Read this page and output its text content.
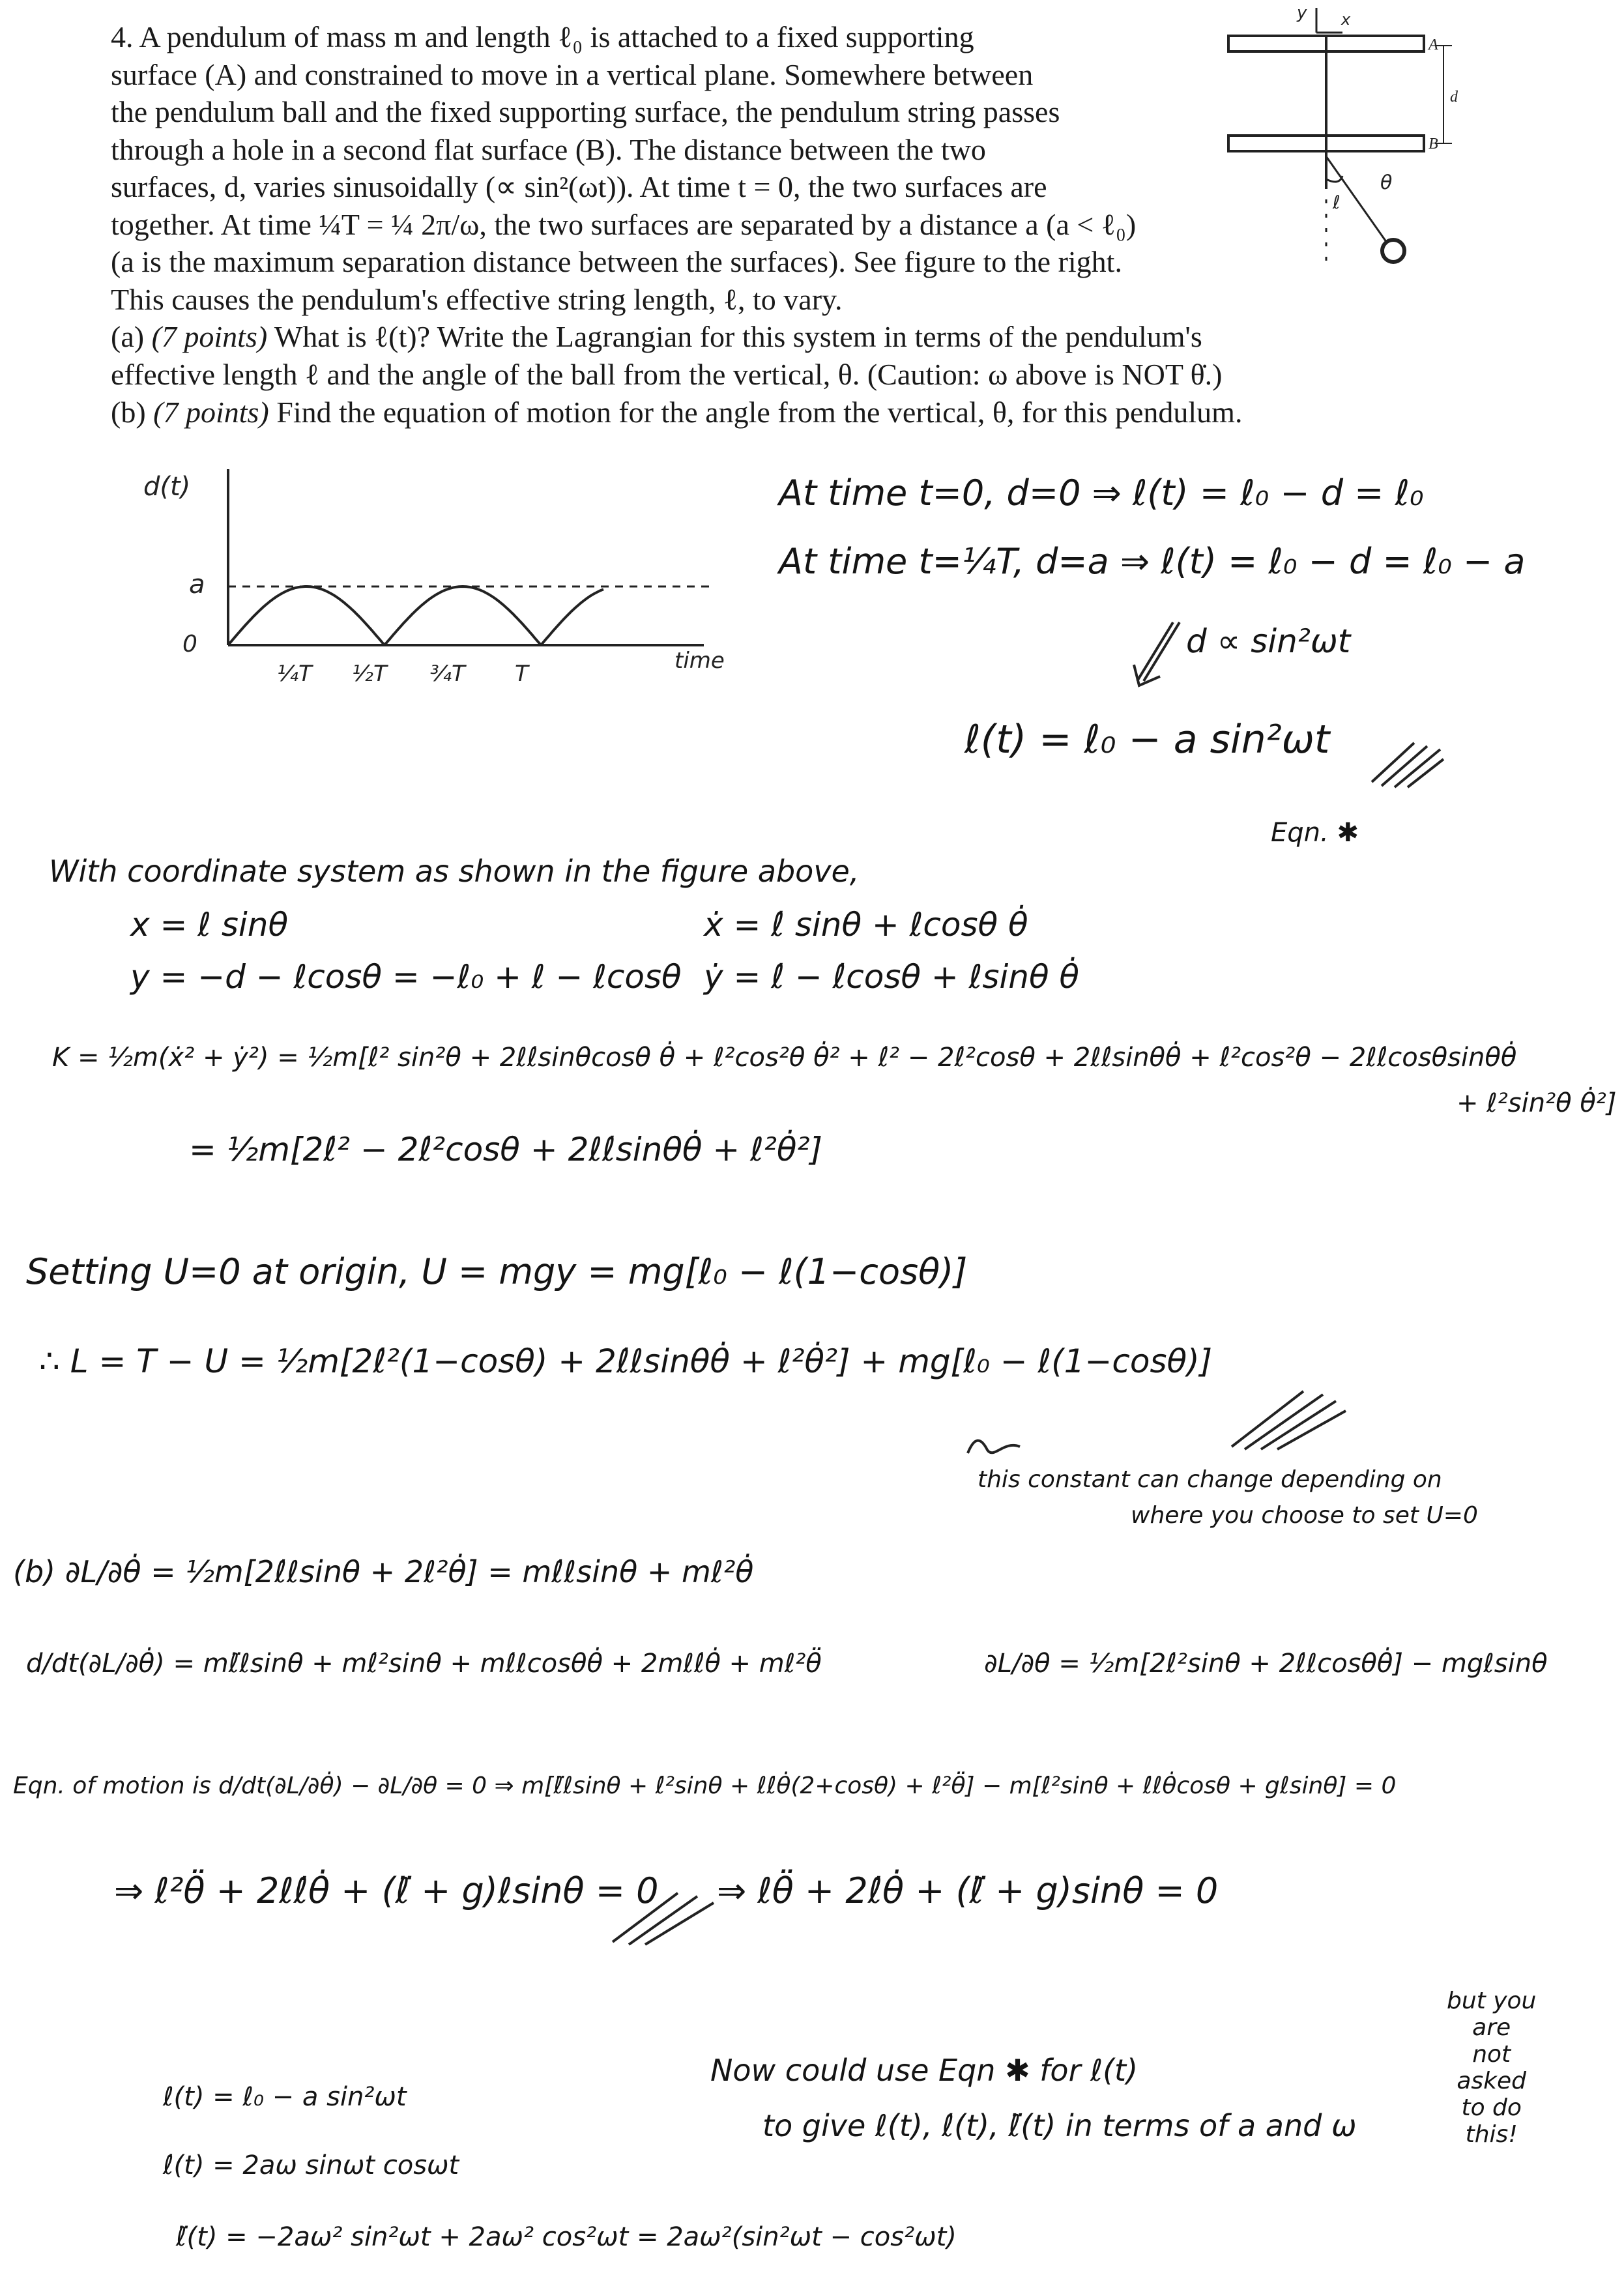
4. A pendulum of mass m and length ℓ₀ is attached to a fixed supporting

surface (A) and constrained to move in a vertical plane. Somewhere between

the pendulum ball and the fixed supporting surface, the pendulum string passes

through a hole in a second flat surface (B). The distance between the two

surfaces, d, varies sinusoidally (∝ sin²(ωt)). At time t = 0, the two surfaces are

together. At time ¼T = ¼ 2π/ω, the two surfaces are separated by a distance a (a < ℓ₀)

(a is the maximum separation distance between the surfaces). See figure to the right.

This causes the pendulum's effective string length, ℓ, to vary.

(a) (7 points) What is ℓ(t)? Write the Lagrangian for this system in terms of the pendulum's

effective length ℓ and the angle of the ball from the vertical, θ. (Caution: ω above is NOT θ̇.)

(b) (7 points) Find the equation of motion for the angle from the vertical, θ, for this pendulum.

y x
A
B
d
ℓ
θ
d(t)
a
0
¼T ½T ¾T T	time
At time t=0, d=0 ⇒ ℓ(t) = ℓ₀ − d = ℓ₀
At time t=¼T, d=a ⇒ ℓ(t) = ℓ₀ − d = ℓ₀ − a
d ∝ sin²ωt
ℓ(t) = ℓ₀ − a sin²ωt
Eqn. ✱
With coordinate system as shown in the figure above,
x = ℓ sinθ
y = −d − ℓcosθ = −ℓ₀ + ℓ − ℓcosθ
ẋ = ℓ̇ sinθ + ℓcosθ θ̇
ẏ = ℓ̇ − ℓ̇cosθ + ℓsinθ θ̇
K = ½m(ẋ² + ẏ²) = ½m[ℓ̇² sin²θ + 2ℓℓ̇sinθcosθ θ̇ + ℓ²cos²θ θ̇² + ℓ̇² − 2ℓ̇²cosθ + 2ℓℓ̇sinθθ̇ + ℓ̇²cos²θ − 2ℓℓ̇cosθsinθθ̇
+ ℓ²sin²θ θ̇²]
= ½m[2ℓ̇² − 2ℓ̇²cosθ + 2ℓℓ̇sinθθ̇ + ℓ²θ̇²]
Setting U=0 at origin, U = mgy = mg[ℓ₀ − ℓ(1−cosθ)]
∴ L = T − U = ½m[2ℓ̇²(1−cosθ) + 2ℓ̇ℓsinθθ̇ + ℓ²θ̇²] + mg[ℓ₀ − ℓ(1−cosθ)]
this constant can change depending on
where you choose to set U=0
(b) ∂L/∂θ̇ = ½m[2ℓ̇ℓsinθ + 2ℓ²θ̇] = mℓ̇ℓsinθ + mℓ²θ̇
d/dt(∂L/∂θ̇) = mℓ̈ℓsinθ + mℓ̇²sinθ + mℓ̇ℓcosθθ̇ + 2mℓℓ̇θ̇ + mℓ²θ̈	∂L/∂θ = ½m[2ℓ̇²sinθ + 2ℓ̇ℓcosθθ̇] − mgℓsinθ
Eqn. of motion is d/dt(∂L/∂θ̇) − ∂L/∂θ = 0 ⇒ m[ℓ̈ℓsinθ + ℓ̇²sinθ + ℓℓ̇θ̇(2+cosθ) + ℓ²θ̈] − m[ℓ̇²sinθ + ℓ̇ℓθ̇cosθ + gℓsinθ] = 0
⇒ ℓ²θ̈ + 2ℓℓ̇θ̇ + (ℓ̈ + g)ℓsinθ = 0 ⇒ ℓθ̈ + 2ℓ̇θ̇ + (ℓ̈ + g)sinθ = 0
ℓ(t) = ℓ₀ − a sin²ωt
ℓ̇(t) = 2aω sinωt cosωt
ℓ̈(t) = −2aω² sin²ωt + 2aω² cos²ωt = 2aω²(sin²ωt − cos²ωt)
Now could use Eqn ✱ for ℓ(t)
to give ℓ(t), ℓ̇(t), ℓ̈(t) in terms of a and ω
but you
are
not
asked
to do
this!
